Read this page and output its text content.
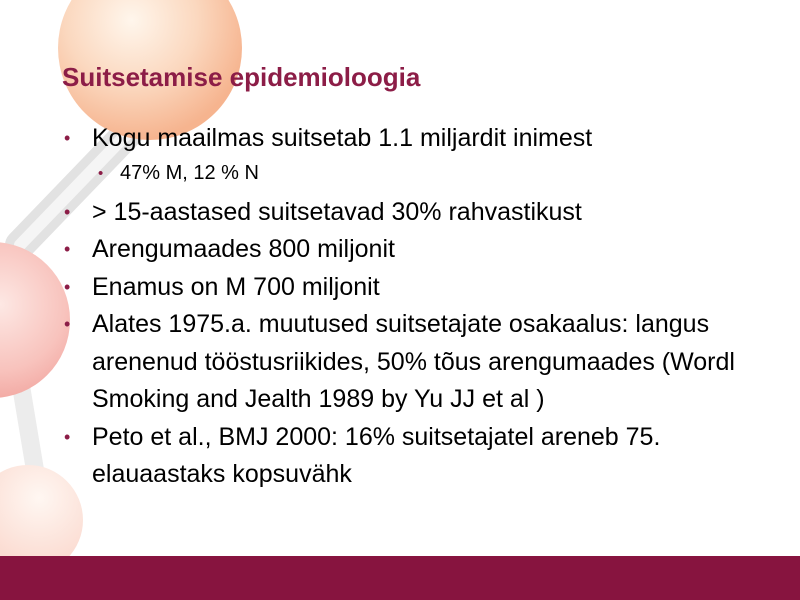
Suitsetamise epidemioloogia
• Kogu maailmas suitsetab 1.1 miljardit inimest
• 47% M, 12 % N
• > 15-aastased suitsetavad 30% rahvastikust
• Arengumaades 800 miljonit
• Enamus on M 700 miljonit
• Alates 1975.a. muutused suitsetajate osakaalus: langus arenenud tööstusriikides, 50% tõus arengumaades (Wordl Smoking and Jealth 1989 by Yu JJ et al )
• Peto et al., BMJ 2000: 16% suitsetajatel areneb 75. elauaastaks kopsuvähk
